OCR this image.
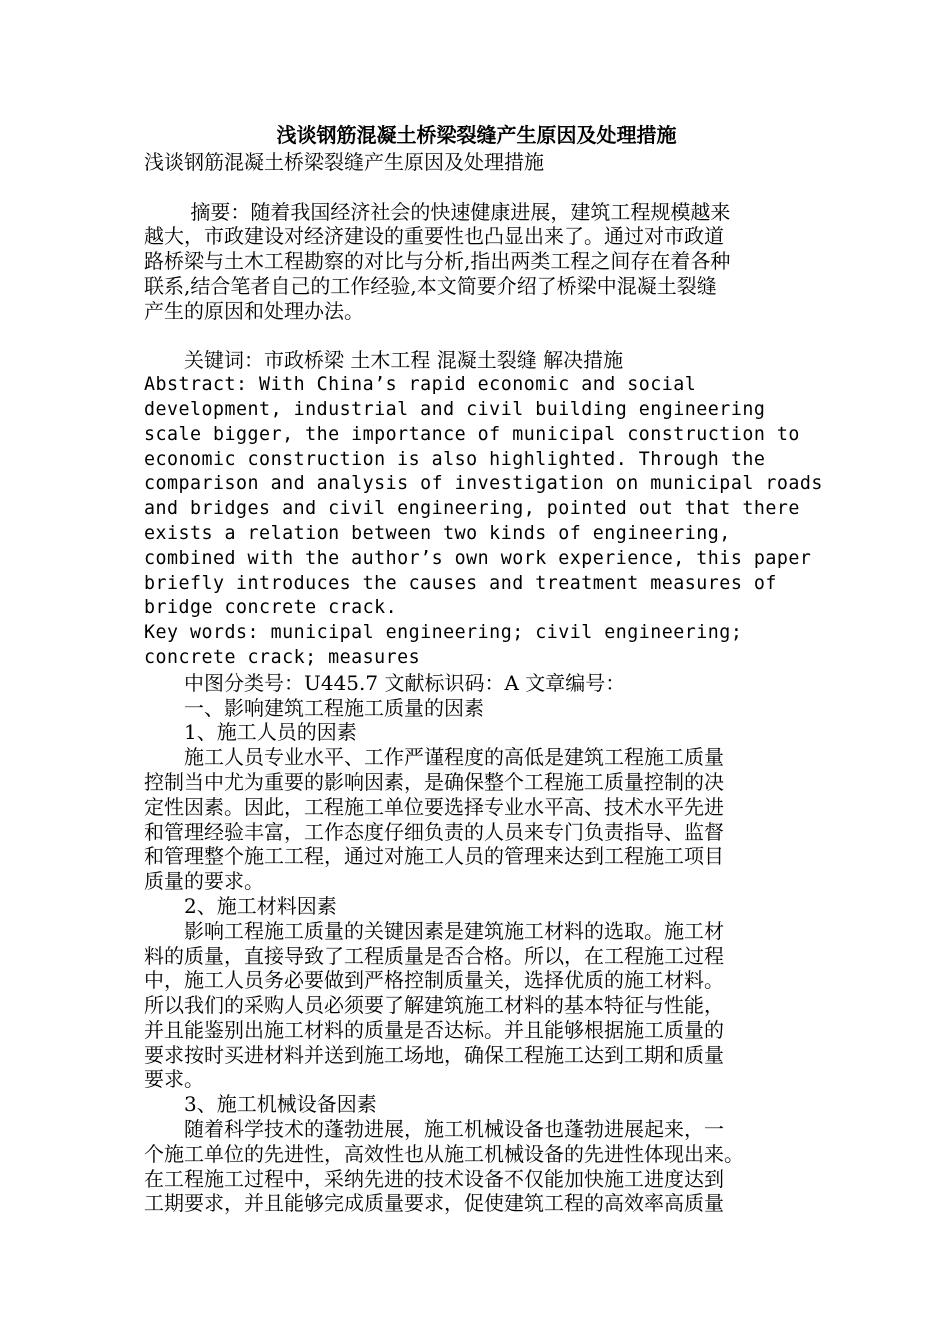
浅谈钢筋混凝土桥梁裂缝产生原因及处理措施

浅谈钢筋混凝土桥梁裂缝产生原因及处理措施
　　 摘要：随着我国经济社会的快速健康进展，建筑工程规模越来
越大，市政建设对经济建设的重要性也凸显出来了。通过对市政道
路桥梁与土木工程勘察的对比与分析,指出两类工程之间存在着各种
联系,结合笔者自己的工作经验,本文简要介绍了桥梁中混凝土裂缝
产生的原因和处理办法。
　　关键词：市政桥梁 土木工程 混凝土裂缝 解决措施
Abstract: With China’s rapid economic and social
development, industrial and civil building engineering
scale bigger, the importance of municipal construction to
economic construction is also highlighted. Through the
comparison and analysis of investigation on municipal roads
and bridges and civil engineering, pointed out that there
exists a relation between two kinds of engineering,
combined with the author’s own work experience, this paper
briefly introduces the causes and treatment measures of
bridge concrete crack.
Key words: municipal engineering; civil engineering;
concrete crack; measures
　　中图分类号：U445.7 文献标识码：A 文章编号：
　　一、影响建筑工程施工质量的因素
　　1、施工人员的因素
　　施工人员专业水平、工作严谨程度的高低是建筑工程施工质量
控制当中尤为重要的影响因素，是确保整个工程施工质量控制的决
定性因素。因此，工程施工单位要选择专业水平高、技术水平先进
和管理经验丰富，工作态度仔细负责的人员来专门负责指导、监督
和管理整个施工工程，通过对施工人员的管理来达到工程施工项目
质量的要求。
　　2、施工材料因素
　　影响工程施工质量的关键因素是建筑施工材料的选取。施工材
料的质量，直接导致了工程质量是否合格。所以，在工程施工过程
中，施工人员务必要做到严格控制质量关，选择优质的施工材料。
所以我们的采购人员必须要了解建筑施工材料的基本特征与性能，
并且能鉴别出施工材料的质量是否达标。并且能够根据施工质量的
要求按时买进材料并送到施工场地，确保工程施工达到工期和质量
要求。
　　3、施工机械设备因素
　　随着科学技术的蓬勃进展，施工机械设备也蓬勃进展起来，一
个施工单位的先进性，高效性也从施工机械设备的先进性体现出来。
在工程施工过程中，采纳先进的技术设备不仅能加快施工进度达到
工期要求，并且能够完成质量要求，促使建筑工程的高效率高质量
